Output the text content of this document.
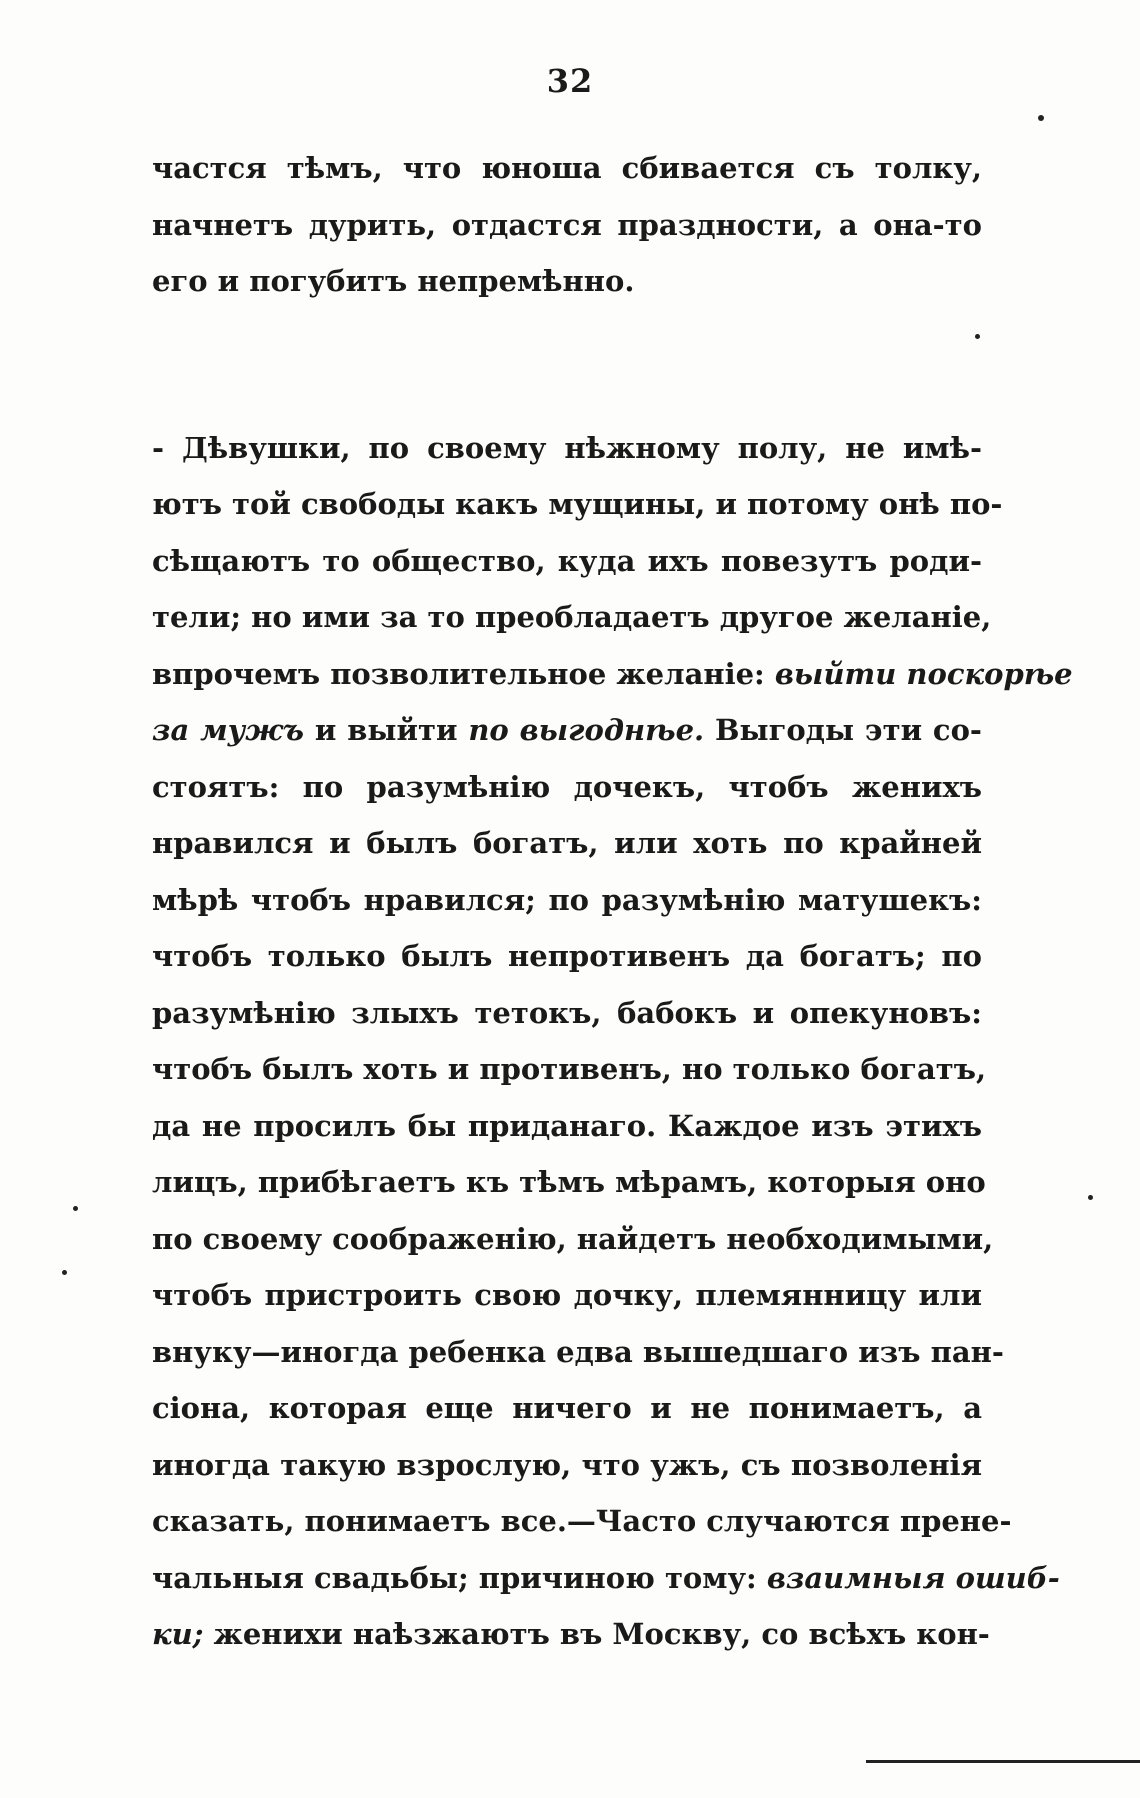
32
частся тѣмъ, что юноша сбивается съ толку,
начнетъ дурить, отдастся праздности, а она-то
его и погубитъ непремѣнно.
- Дѣвушки, по своему нѣжному полу, не имѣ-
ютъ той свободы какъ мущины, и потому онѣ по-
сѣщаютъ то общество, куда ихъ повезутъ роди-
тели; но ими за то преобладаетъ другое желаніе,
впрочемъ позволительное желаніе: выйти поскорѣе
за мужъ и выйти по выгоднѣе. Выгоды эти со-
стоятъ: по разумѣнію дочекъ, чтобъ женихъ
нравился и былъ богатъ, или хоть по крайней
мѣрѣ чтобъ нравился; по разумѣнію матушекъ:
чтобъ только былъ непротивенъ да богатъ; по
разумѣнію злыхъ тетокъ, бабокъ и опекуновъ:
чтобъ былъ хоть и противенъ, но только богатъ,
да не просилъ бы приданаго. Каждое изъ этихъ
лицъ, прибѣгаетъ къ тѣмъ мѣрамъ, которыя оно
по своему соображенію, найдетъ необходимыми,
чтобъ пристроить свою дочку, племянницу или
внуку—иногда ребенка едва вышедшаго изъ пан-
сіона, которая еще ничего и не понимаетъ, а
иногда такую взрослую, что ужъ, съ позволенія
сказать, понимаетъ все.—Часто случаются прене-
чальныя свадьбы; причиною тому: взаимныя ошиб-
ки; женихи наѣзжаютъ въ Москву, со всѣхъ кон-
